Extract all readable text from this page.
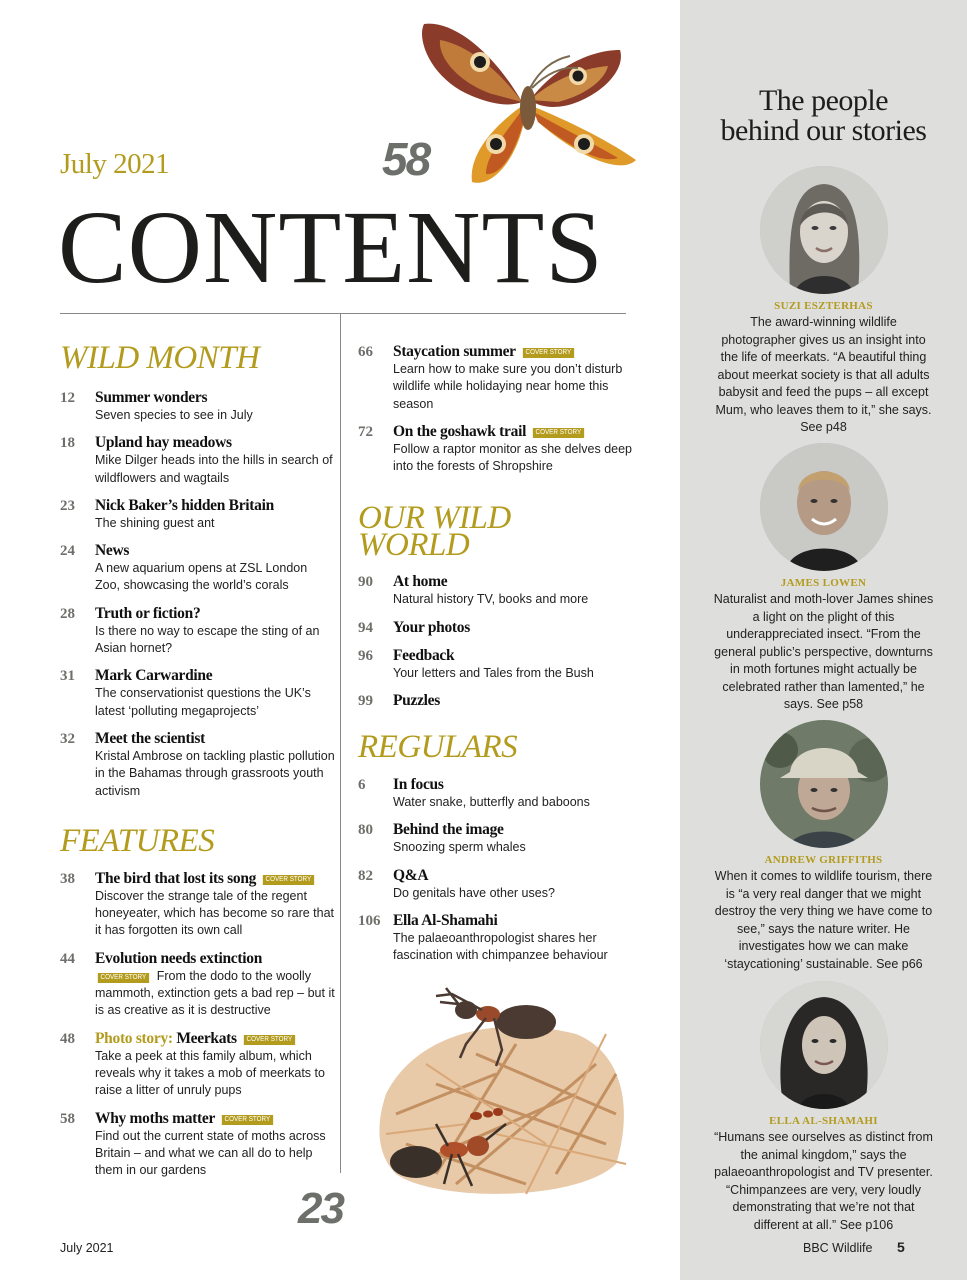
The people
behind our stories
SUZI ESZTERHAS
The award-winning wildlife photographer gives us an insight into the life of meerkats. “A beautiful thing about meerkat society is that all adults babysit and feed the pups – all except Mum, who leaves them to it,” she says. See p48
JAMES LOWEN
Naturalist and moth-lover James shines a light on the plight of this underappreciated insect. “From the general public’s perspective, downturns in moth fortunes might actually be celebrated rather than lamented,” he says. See p58
ANDREW GRIFFITHS
When it comes to wildlife tourism, there is “a very real danger that we might destroy the very thing we have come to see,” says the nature writer. He investigates how we can make ‘staycationing’ sustainable. See p66
ELLA AL-SHAMAHI
“Humans see ourselves as distinct from the animal kingdom,” says the palaeoanthropologist and TV presenter. “Chimpanzees are very, very loudly demonstrating that we’re not that different at all.” See p106
July 2021	58
CONTENTS
WILD MONTH
12 Summer wonders
Seven species to see in July
18 Upland hay meadows
Mike Dilger heads into the hills in search of wildflowers and wagtails
23 Nick Baker’s hidden Britain
The shining guest ant
24 News
A new aquarium opens at ZSL London Zoo, showcasing the world’s corals
28 Truth or fiction?
Is there no way to escape the sting of an Asian hornet?
31 Mark Carwardine
The conservationist questions the UK’s latest ‘polluting megaprojects’
32 Meet the scientist
Kristal Ambrose on tackling plastic pollution in the Bahamas through grassroots youth activism
FEATURES
38 The bird that lost its song COVER STORY
Discover the strange tale of the regent honeyeater, which has become so rare that it has forgotten its own call
44 Evolution needs extinction
COVER STORY From the dodo to the woolly mammoth, extinction gets a bad rep – but it is as creative as it is destructive
48 Photo story: Meerkats COVER STORY
Take a peek at this family album, which reveals why it takes a mob of meerkats to raise a litter of unruly pups
58 Why moths matter COVER STORY
Find out the current state of moths across Britain – and what we can all do to help them in our gardens
66 Staycation summer COVER STORY
Learn how to make sure you don’t disturb wildlife while holidaying near home this season
72 On the goshawk trail COVER STORY
Follow a raptor monitor as she delves deep into the forests of Shropshire
OUR WILD
WORLD
90 At home
Natural history TV, books and more
94 Your photos
96 Feedback
Your letters and Tales from the Bush
99 Puzzles
REGULARS
6 In focus
Water snake, butterfly and baboons
80 Behind the image
Snoozing sperm whales
82 Q&A
Do genitals have other uses?
106 Ella Al-Shamahi
The palaeoanthropologist shares her fascination with chimpanzee behaviour
23
July 2021	BBC Wildlife 5
